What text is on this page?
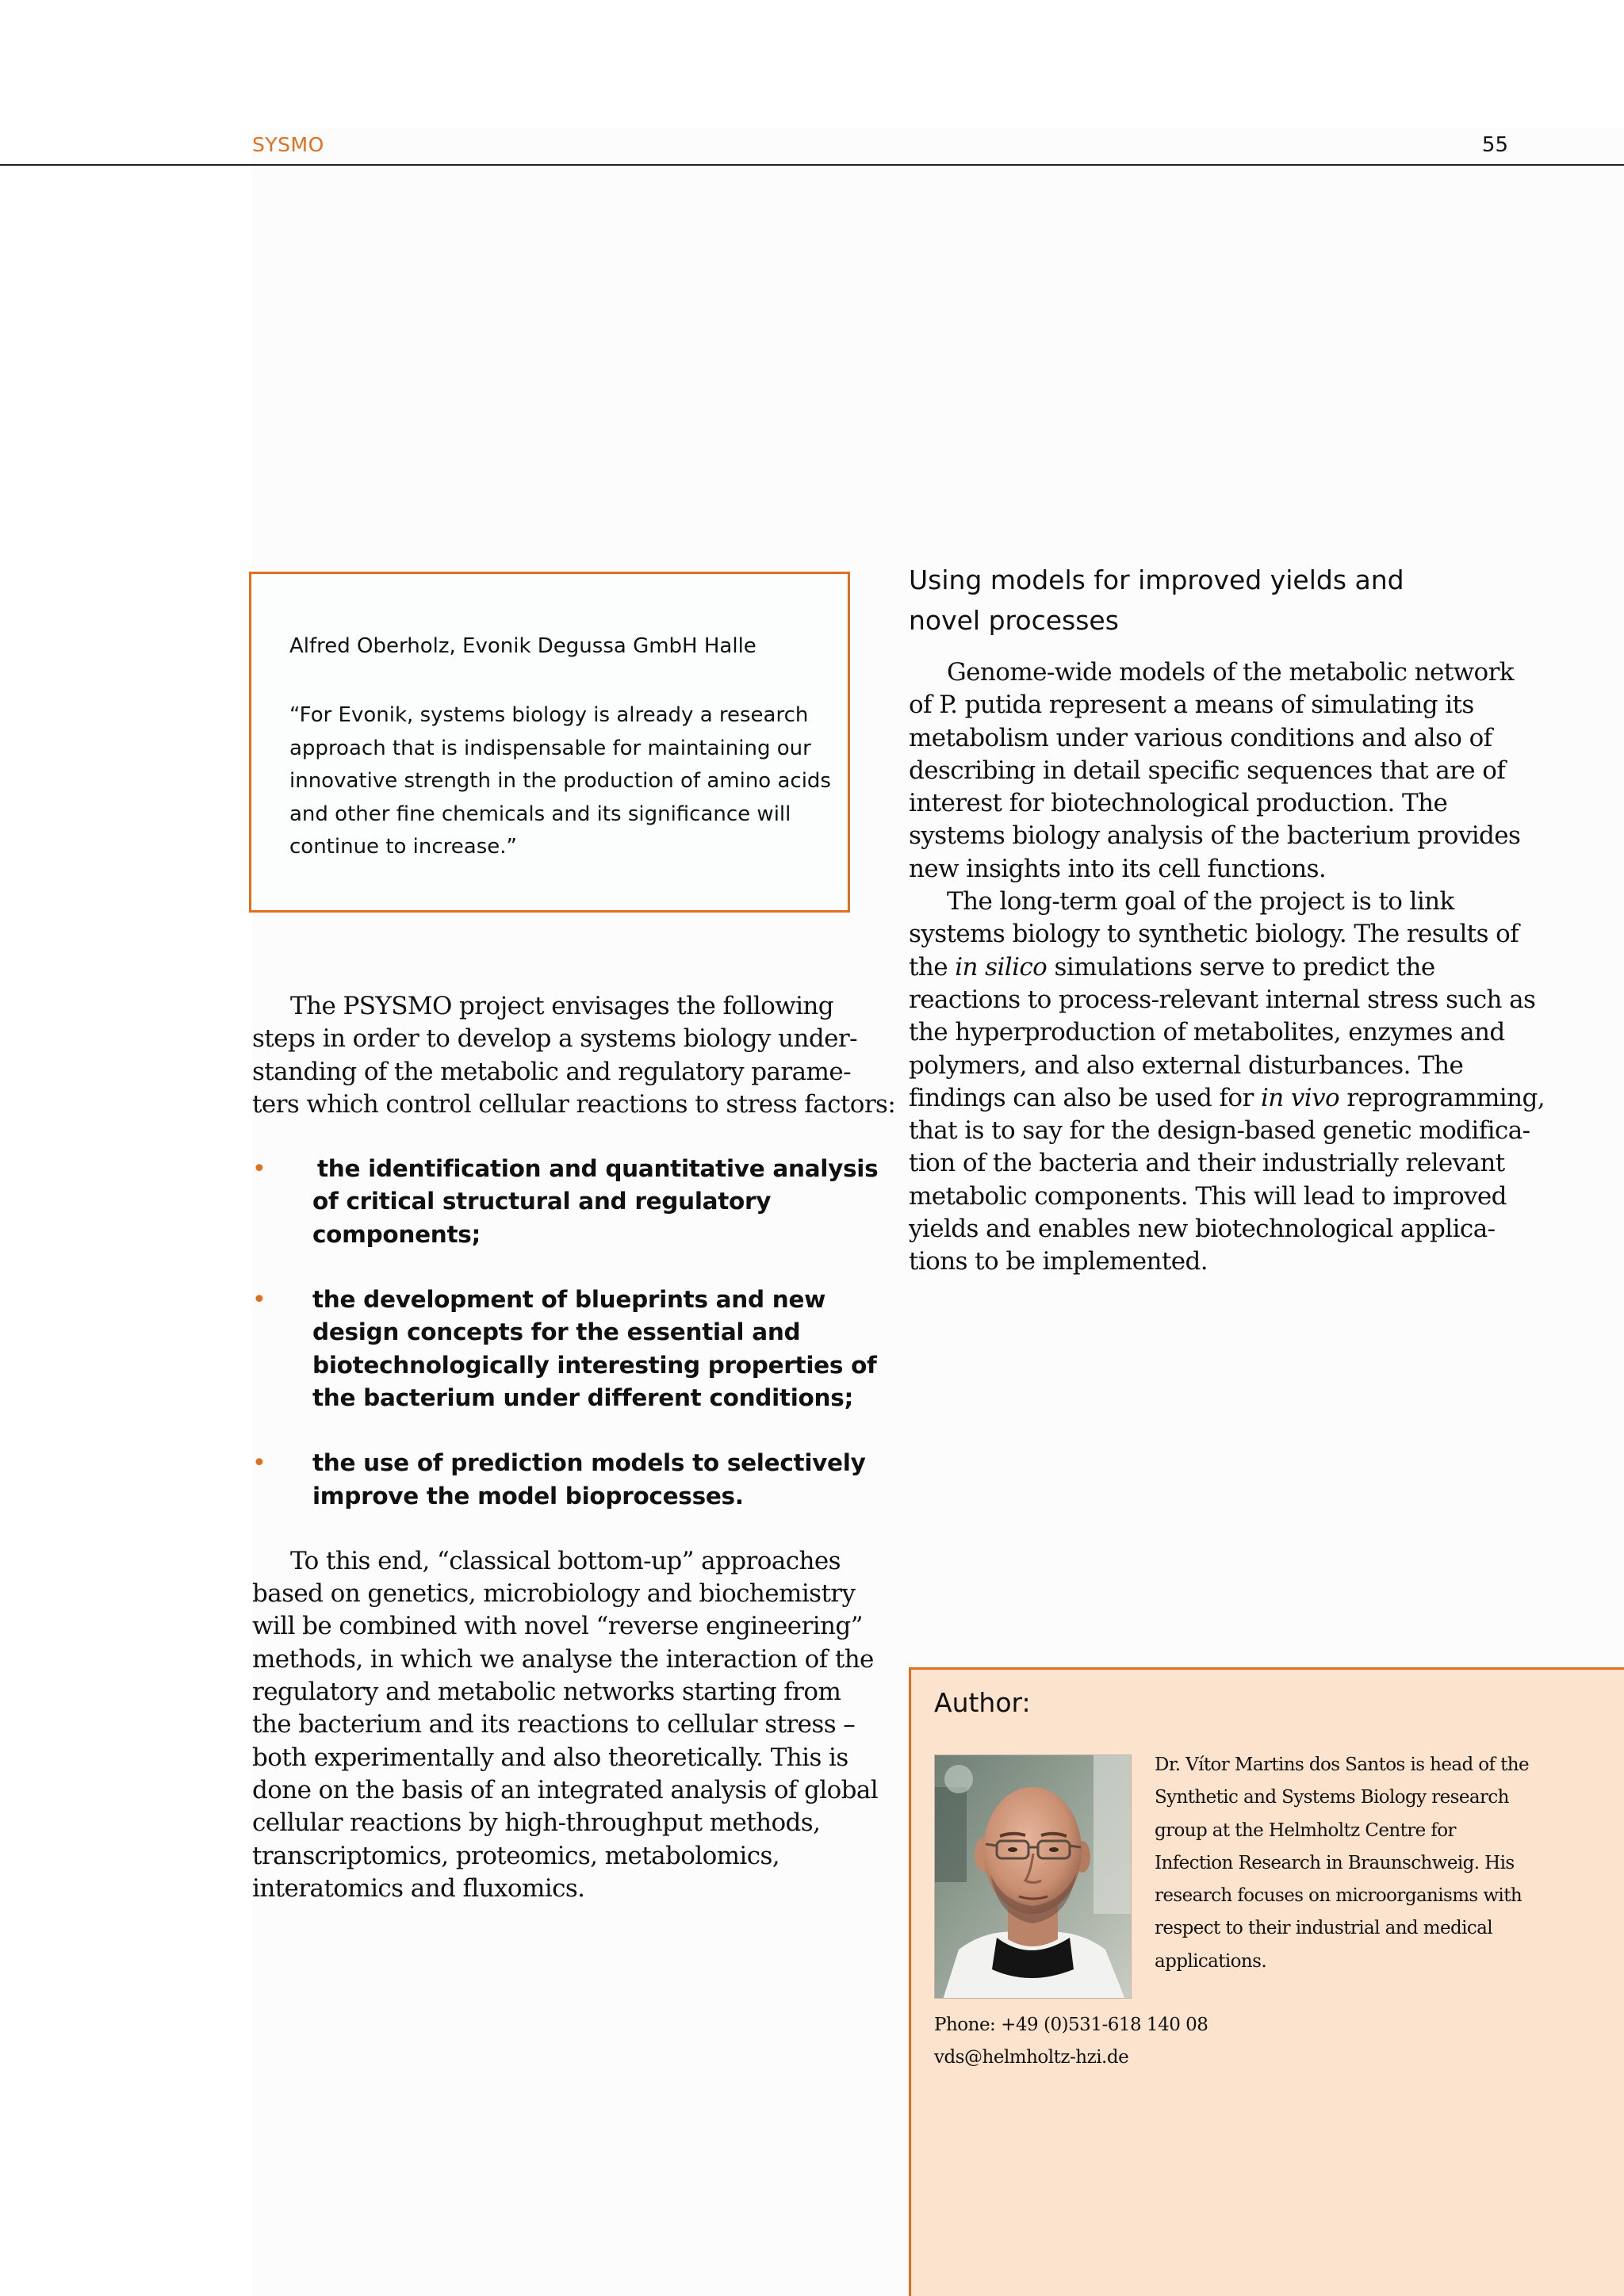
SYSMO	55
Alfred Oberholz, Evonik Degussa GmbH Halle
“For Evonik, systems biology is already a research
approach that is indispensable for maintaining our
innovative strength in the production of amino acids
and other fine chemicals and its significance will
continue to increase.”
The PSYSMO project envisages the following
steps in order to develop a systems biology under-
standing of the metabolic and regulatory parame-
ters which control cellular reactions to stress factors:
• the identification and quantitative analysis
of critical structural and regulatory
components;
• the development of blueprints and new
design concepts for the essential and
biotechnologically interesting properties of
the bacterium under different conditions;
• the use of prediction models to selectively
improve the model bioprocesses.
To this end, “classical bottom-up” approaches
based on genetics, microbiology and biochemistry
will be combined with novel “reverse engineering”
methods, in which we analyse the interaction of the
regulatory and metabolic networks starting from
the bacterium and its reactions to cellular stress –
both experimentally and also theoretically. This is
done on the basis of an integrated analysis of global
cellular reactions by high-throughput methods,
transcriptomics, proteomics, metabolomics,
interatomics and fluxomics.
Using models for improved yields and
novel processes
Genome-wide models of the metabolic network
of P. putida represent a means of simulating its
metabolism under various conditions and also of
describing in detail specific sequences that are of
interest for biotechnological production. The
systems biology analysis of the bacterium provides
new insights into its cell functions.
The long-term goal of the project is to link
systems biology to synthetic biology. The results of
the in silico simulations serve to predict the
reactions to process-relevant internal stress such as
the hyperproduction of metabolites, enzymes and
polymers, and also external disturbances. The
findings can also be used for in vivo reprogramming,
that is to say for the design-based genetic modifica-
tion of the bacteria and their industrially relevant
metabolic components. This will lead to improved
yields and enables new biotechnological applica-
tions to be implemented.
Author:
Dr. Vítor Martins dos Santos is head of the
Synthetic and Systems Biology research
group at the Helmholtz Centre for
Infection Research in Braunschweig. His
research focuses on microorganisms with
respect to their industrial and medical
applications.
Phone: +49 (0)531-618 140 08
vds@helmholtz-hzi.de
